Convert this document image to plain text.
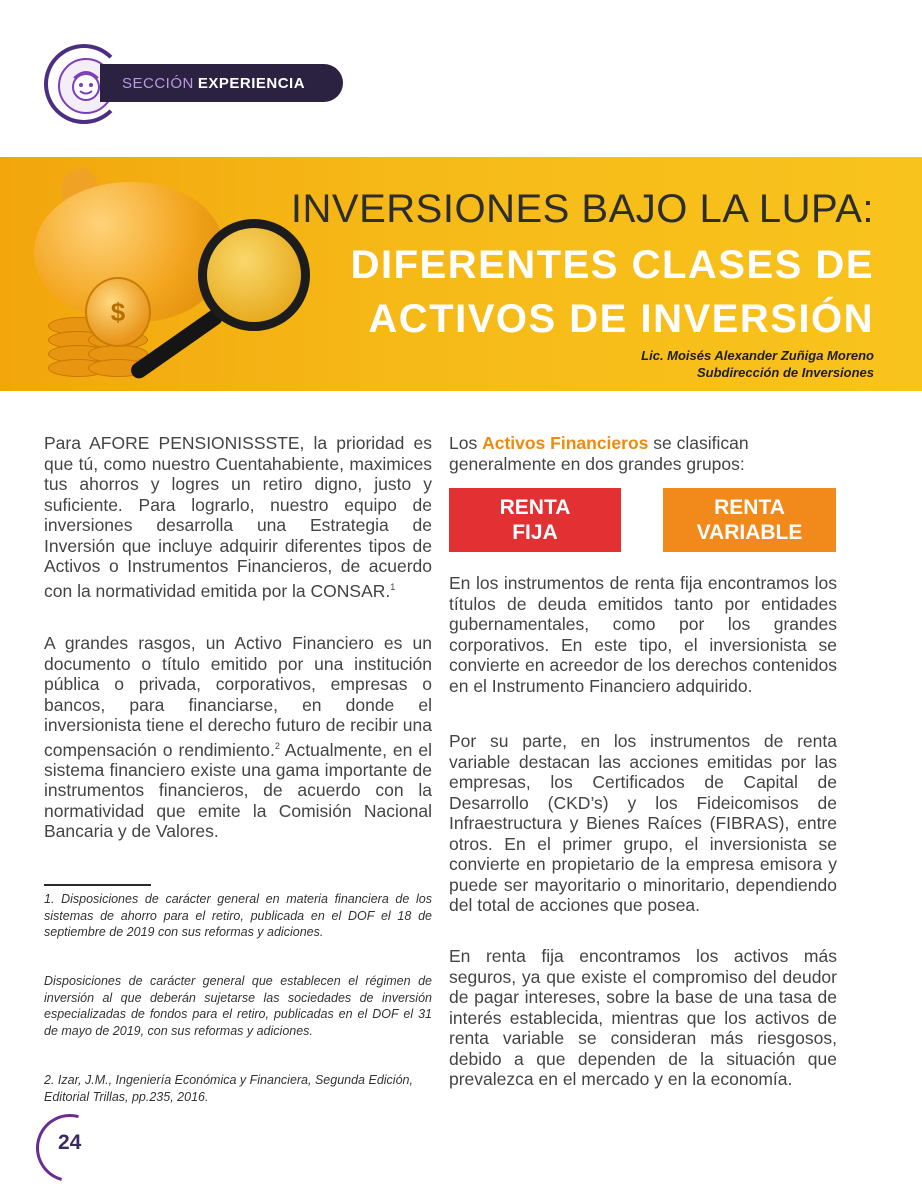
SECCIÓN EXPERIENCIA
$
INVERSIONES BAJO LA LUPA:
DIFERENTES CLASES DE
ACTIVOS DE INVERSIÓN
Lic. Moisés Alexander Zuñiga Moreno
Subdirección de Inversiones

Para AFORE PENSIONISSSTE, la prioridad es que tú, como nuestro Cuentahabiente, maximices tus ahorros y logres un retiro digno, justo y suficiente. Para lograrlo, nuestro equipo de inversiones desarrolla una Estrategia de Inversión que incluye adquirir diferentes tipos de Activos o Instrumentos Financieros, de acuerdo con la normatividad emitida por la CONSAR.$^1$

A grandes rasgos, un Activo Financiero es un documento o título emitido por una institución pública o privada, corporativos, empresas o bancos, para financiarse, en donde el inversionista tiene el derecho futuro de recibir una compensación o rendimiento.$^2$ Actualmente, en el sistema financiero existe una gama importante de instrumentos financieros, de acuerdo con la normatividad que emite la Comisión Nacional Bancaria y de Valores.

1. Disposiciones de carácter general en materia financiera de los sistemas de ahorro para el retiro, publicada en el DOF el 18 de septiembre de 2019 con sus reformas y adiciones.
Disposiciones de carácter general que establecen el régimen de inversión al que deberán sujetarse las sociedades de inversión especializadas de fondos para el retiro, publicadas en el DOF el 31 de mayo de 2019, con sus reformas y adiciones.
2. Izar, J.M., Ingeniería Económica y Financiera, Segunda Edición, Editorial Trillas, pp.235, 2016.

Los Activos Financieros se clasifican generalmente en dos grandes grupos:

RENTA
FIJA
RENTA
VARIABLE

En los instrumentos de renta fija encontramos los títulos de deuda emitidos tanto por entidades gubernamentales, como por los grandes corporativos. En este tipo, el inversionista se convierte en acreedor de los derechos contenidos en el Instrumento Financiero adquirido.

Por su parte, en los instrumentos de renta variable destacan las acciones emitidas por las empresas, los Certificados de Capital de Desarrollo (CKD’s) y los Fideicomisos de Infraestructura y Bienes Raíces (FIBRAS), entre otros. En el primer grupo, el inversionista se convierte en propietario de la empresa emisora y puede ser mayoritario o minoritario, dependiendo del total de acciones que posea.

En renta fija encontramos los activos más seguros, ya que existe el compromiso del deudor de pagar intereses, sobre la base de una tasa de interés establecida, mientras que los activos de renta variable se consideran más riesgosos, debido a que dependen de la situación que prevalezca en el mercado y en la economía.

24
